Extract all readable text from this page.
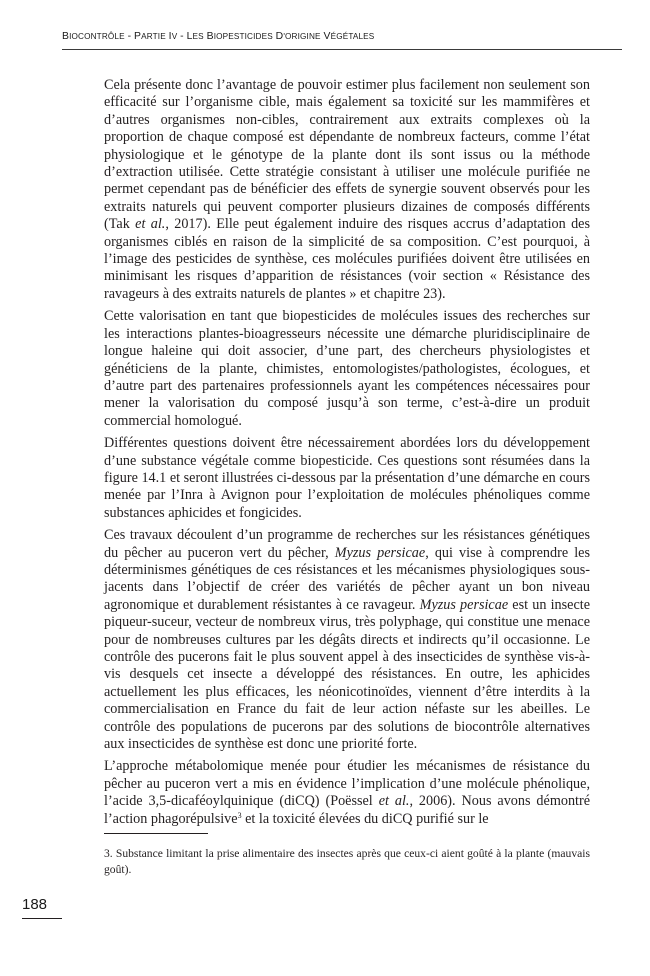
BIOCONTRÔLE - PARTIE IV - LES BIOPESTICIDES D'ORIGINE VÉGÉTALES

Cela présente donc l’avantage de pouvoir estimer plus facilement non seulement son efficacité sur l’organisme cible, mais également sa toxicité sur les mammifères et d’autres organismes non-cibles, contrairement aux extraits complexes où la proportion de chaque composé est dépendante de nombreux facteurs, comme l’état physiologique et le génotype de la plante dont ils sont issus ou la méthode d’extraction utilisée. Cette stratégie consistant à utiliser une molécule purifiée ne permet cependant pas de bénéficier des effets de synergie souvent observés pour les extraits naturels qui peuvent comporter plusieurs dizaines de composés différents (Tak et al., 2017). Elle peut également induire des risques accrus d’adaptation des organismes ciblés en raison de la simplicité de sa composition. C’est pourquoi, à l’image des pesticides de synthèse, ces molécules purifiées doivent être utilisées en minimisant les risques d’apparition de résistances (voir section « Résistance des ravageurs à des extraits naturels de plantes » et chapitre 23).

Cette valorisation en tant que biopesticides de molécules issues des recherches sur les interactions plantes-bioagresseurs nécessite une démarche pluridisciplinaire de longue haleine qui doit associer, d’une part, des chercheurs physiologistes et généticiens de la plante, chimistes, entomologistes/pathologistes, écologues, et d’autre part des partenaires professionnels ayant les compétences nécessaires pour mener la valorisation du composé jusqu’à son terme, c’est-à-dire un produit commercial homologué.

Différentes questions doivent être nécessairement abordées lors du développement d’une substance végétale comme biopesticide. Ces questions sont résumées dans la figure 14.1 et seront illustrées ci-dessous par la présentation d’une démarche en cours menée par l’Inra à Avignon pour l’exploitation de molécules phénoliques comme substances aphicides et fongicides.

Ces travaux découlent d’un programme de recherches sur les résistances génétiques du pêcher au puceron vert du pêcher, Myzus persicae, qui vise à comprendre les déterminismes génétiques de ces résistances et les mécanismes physiologiques sous-jacents dans l’objectif de créer des variétés de pêcher ayant un bon niveau agronomique et durablement résistantes à ce ravageur. Myzus persicae est un insecte piqueur-suceur, vecteur de nombreux virus, très polyphage, qui constitue une menace pour de nombreuses cultures par les dégâts directs et indirects qu’il occasionne. Le contrôle des pucerons fait le plus souvent appel à des insecticides de synthèse vis-à-vis desquels cet insecte a développé des résistances. En outre, les aphicides actuellement les plus efficaces, les néonicotinoïdes, viennent d’être interdits à la commercialisation en France du fait de leur action néfaste sur les abeilles. Le contrôle des populations de pucerons par des solutions de biocontrôle alternatives aux insecticides de synthèse est donc une priorité forte.

L’approche métabolomique menée pour étudier les mécanismes de résistance du pêcher au puceron vert a mis en évidence l’implication d’une molécule phénolique, l’acide 3,5-dicaféoylquinique (diCQ) (Poëssel et al., 2006). Nous avons démontré l’action phagorépulsive$^3$ et la toxicité élevées du diCQ purifié sur le

3. Substance limitant la prise alimentaire des insectes après que ceux-ci aient goûté à la plante (mauvais goût).
188
